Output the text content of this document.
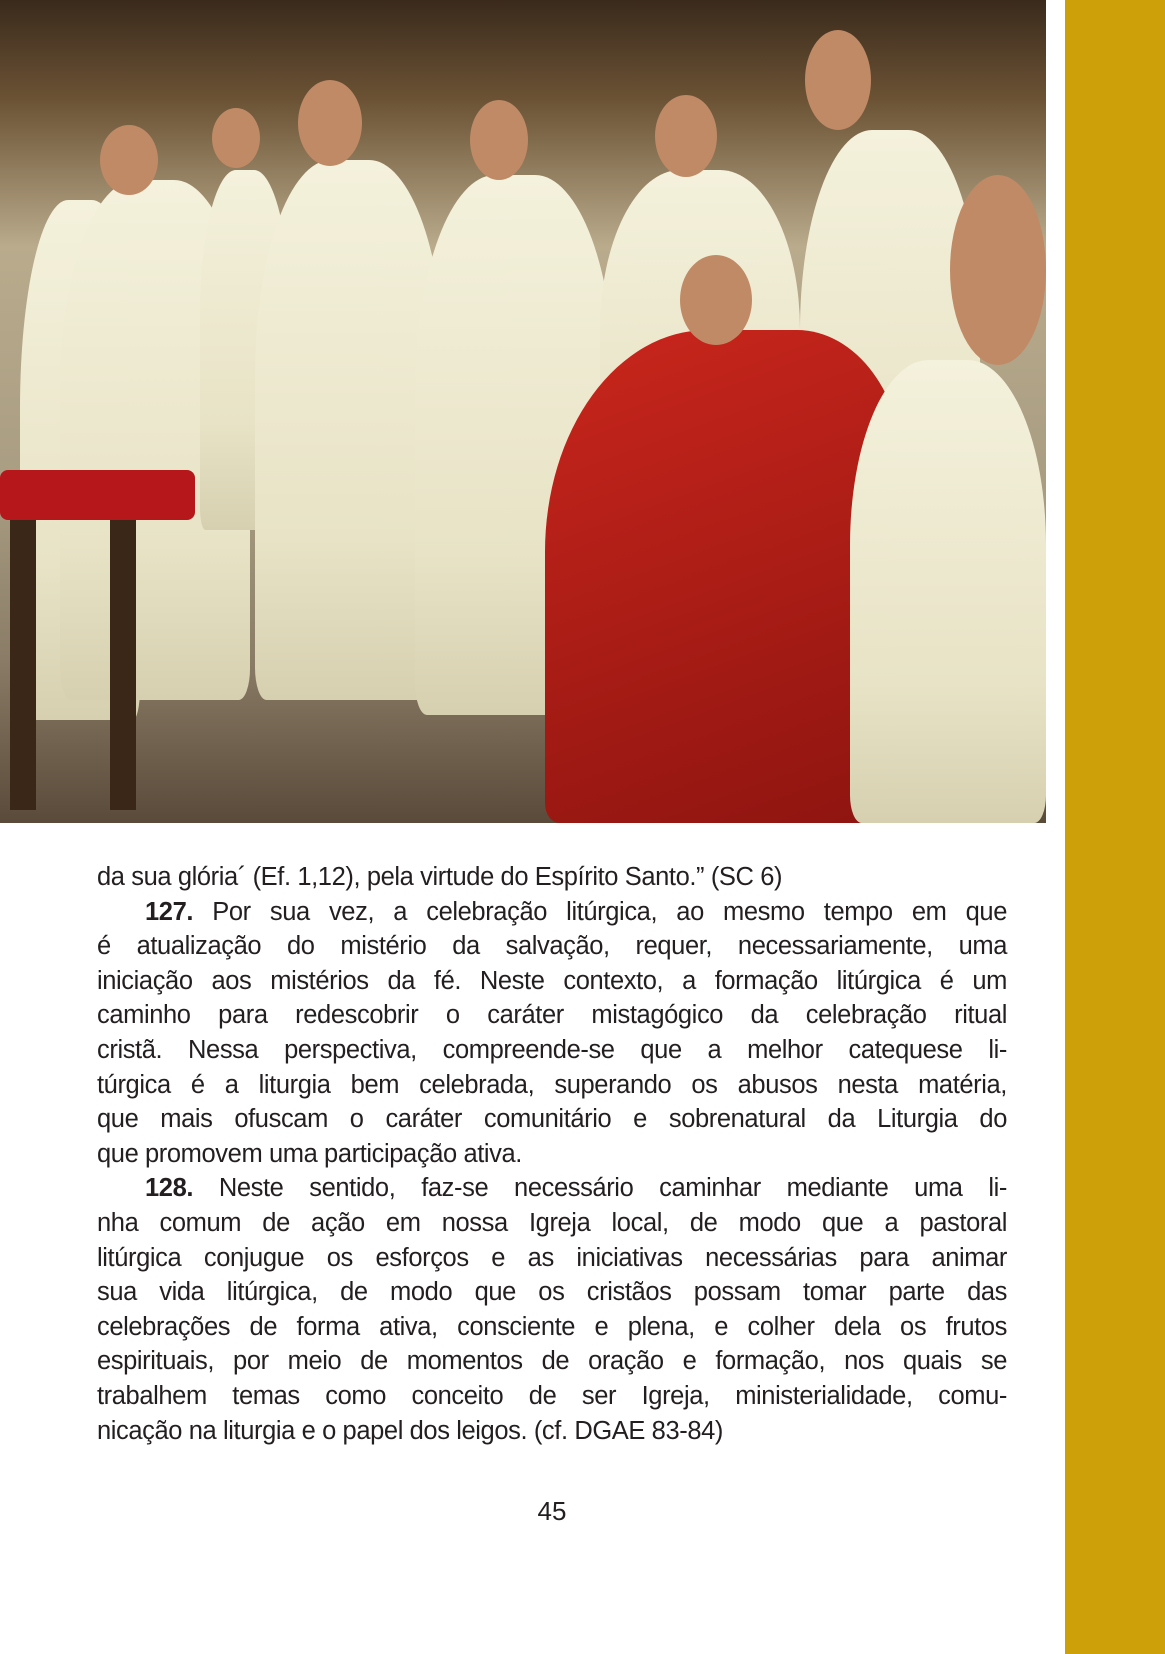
da sua glória´ (Ef. 1,12), pela virtude do Espírito Santo.” (SC 6)
127. Por sua vez, a celebração litúrgica, ao mesmo tempo em que
é atualização do mistério da salvação, requer, necessariamente, uma
iniciação aos mistérios da fé. Neste contexto, a formação litúrgica é um
caminho para redescobrir o caráter mistagógico da celebração ritual
cristã. Nessa perspectiva, compreende-se que a melhor catequese li-
túrgica é a liturgia bem celebrada, superando os abusos nesta matéria,
que mais ofuscam o caráter comunitário e sobrenatural da Liturgia do
que promovem uma participação ativa.
128. Neste sentido, faz-se necessário caminhar mediante uma li-
nha comum de ação em nossa Igreja local, de modo que a pastoral
litúrgica conjugue os esforços e as iniciativas necessárias para animar
sua vida litúrgica, de modo que os cristãos possam tomar parte das
celebrações de forma ativa, consciente e plena, e colher dela os frutos
espirituais, por meio de momentos de oração e formação, nos quais se
trabalhem temas como conceito de ser Igreja, ministerialidade, comu-
nicação na liturgia e o papel dos leigos. (cf. DGAE 83-84)
45
